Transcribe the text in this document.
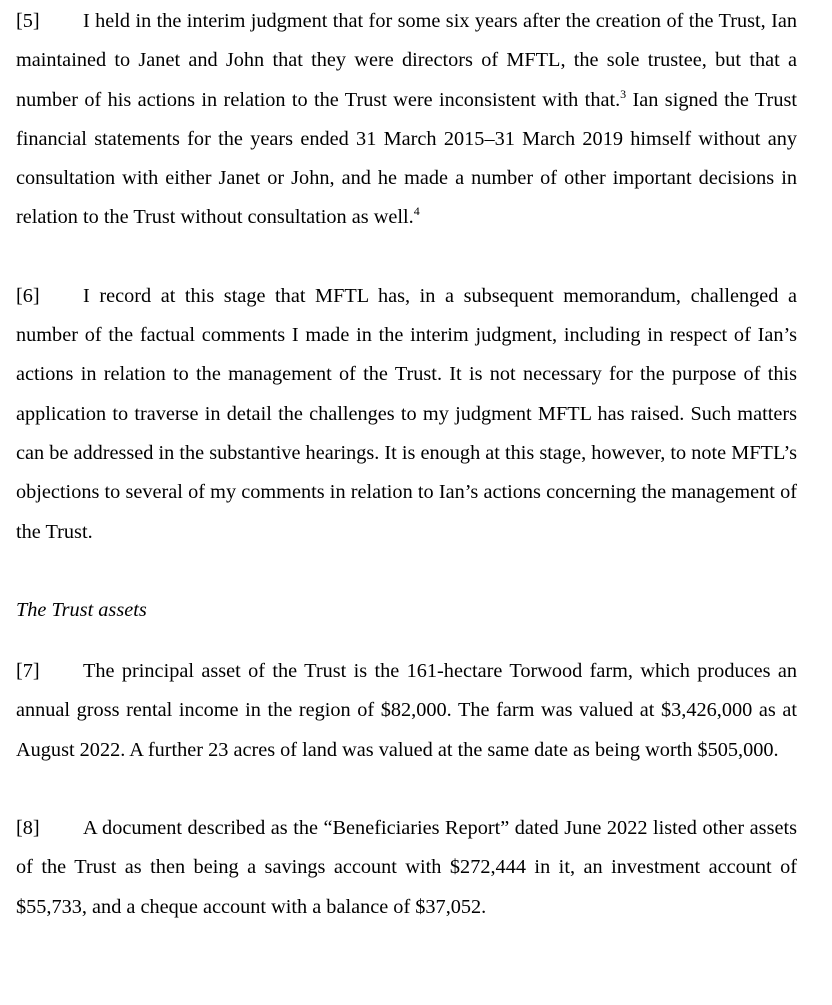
[5] I held in the interim judgment that for some six years after the creation of the Trust, Ian maintained to Janet and John that they were directors of MFTL, the sole trustee, but that a number of his actions in relation to the Trust were inconsistent with that.$^3$ Ian signed the Trust financial statements for the years ended 31 March 2015–31 March 2019 himself without any consultation with either Janet or John, and he made a number of other important decisions in relation to the Trust without consultation as well.$^4$

[6] I record at this stage that MFTL has, in a subsequent memorandum, challenged a number of the factual comments I made in the interim judgment, including in respect of Ian’s actions in relation to the management of the Trust. It is not necessary for the purpose of this application to traverse in detail the challenges to my judgment MFTL has raised. Such matters can be addressed in the substantive hearings. It is enough at this stage, however, to note MFTL’s objections to several of my comments in relation to Ian’s actions concerning the management of the Trust.

The Trust assets

[7] The principal asset of the Trust is the 161-hectare Torwood farm, which produces an annual gross rental income in the region of $82,000. The farm was valued at $3,426,000 as at August 2022. A further 23 acres of land was valued at the same date as being worth $505,000.

[8] A document described as the “Beneficiaries Report” dated June 2022 listed other assets of the Trust as then being a savings account with $272,444 in it, an investment account of $55,733, and a cheque account with a balance of $37,052.
